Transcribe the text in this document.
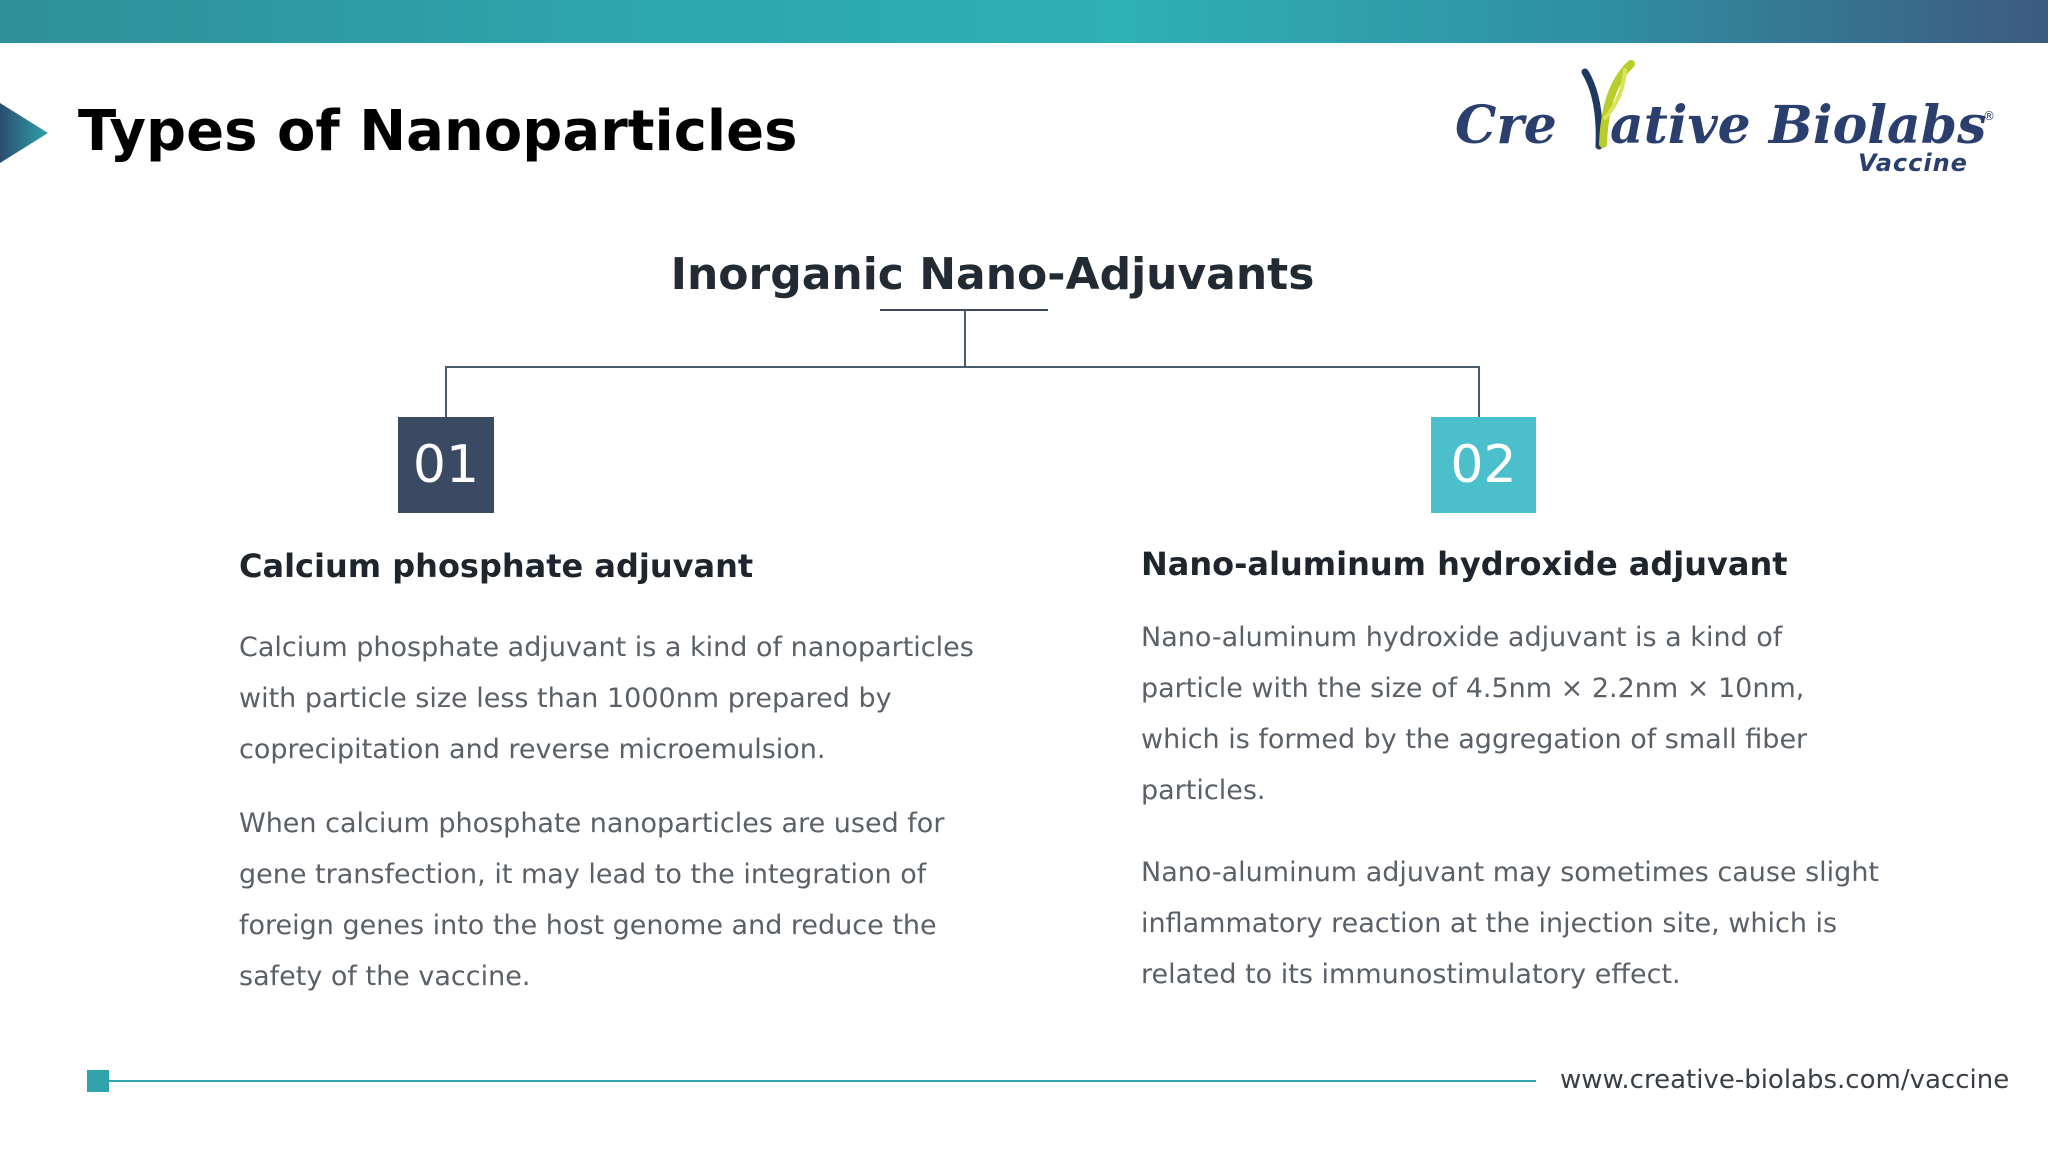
Types of Nanoparticles	Cre ative Biolabs
®
Vaccine
Inorganic Nano-Adjuvants
01	02
Calcium phosphate adjuvant

Calcium phosphate adjuvant is a kind of nanoparticles with particle size less than 1000nm prepared by coprecipitation and reverse microemulsion.

When calcium phosphate nanoparticles are used for gene transfection, it may lead to the integration of foreign genes into the host genome and reduce the safety of the vaccine.

Nano-aluminum hydroxide adjuvant

Nano-aluminum hydroxide adjuvant is a kind of particle with the size of 4.5nm × 2.2nm × 10nm, which is formed by the aggregation of small fiber particles.

Nano-aluminum adjuvant may sometimes cause slight inflammatory reaction at the injection site, which is related to its immunostimulatory effect.

www.creative-biolabs.com/vaccine
